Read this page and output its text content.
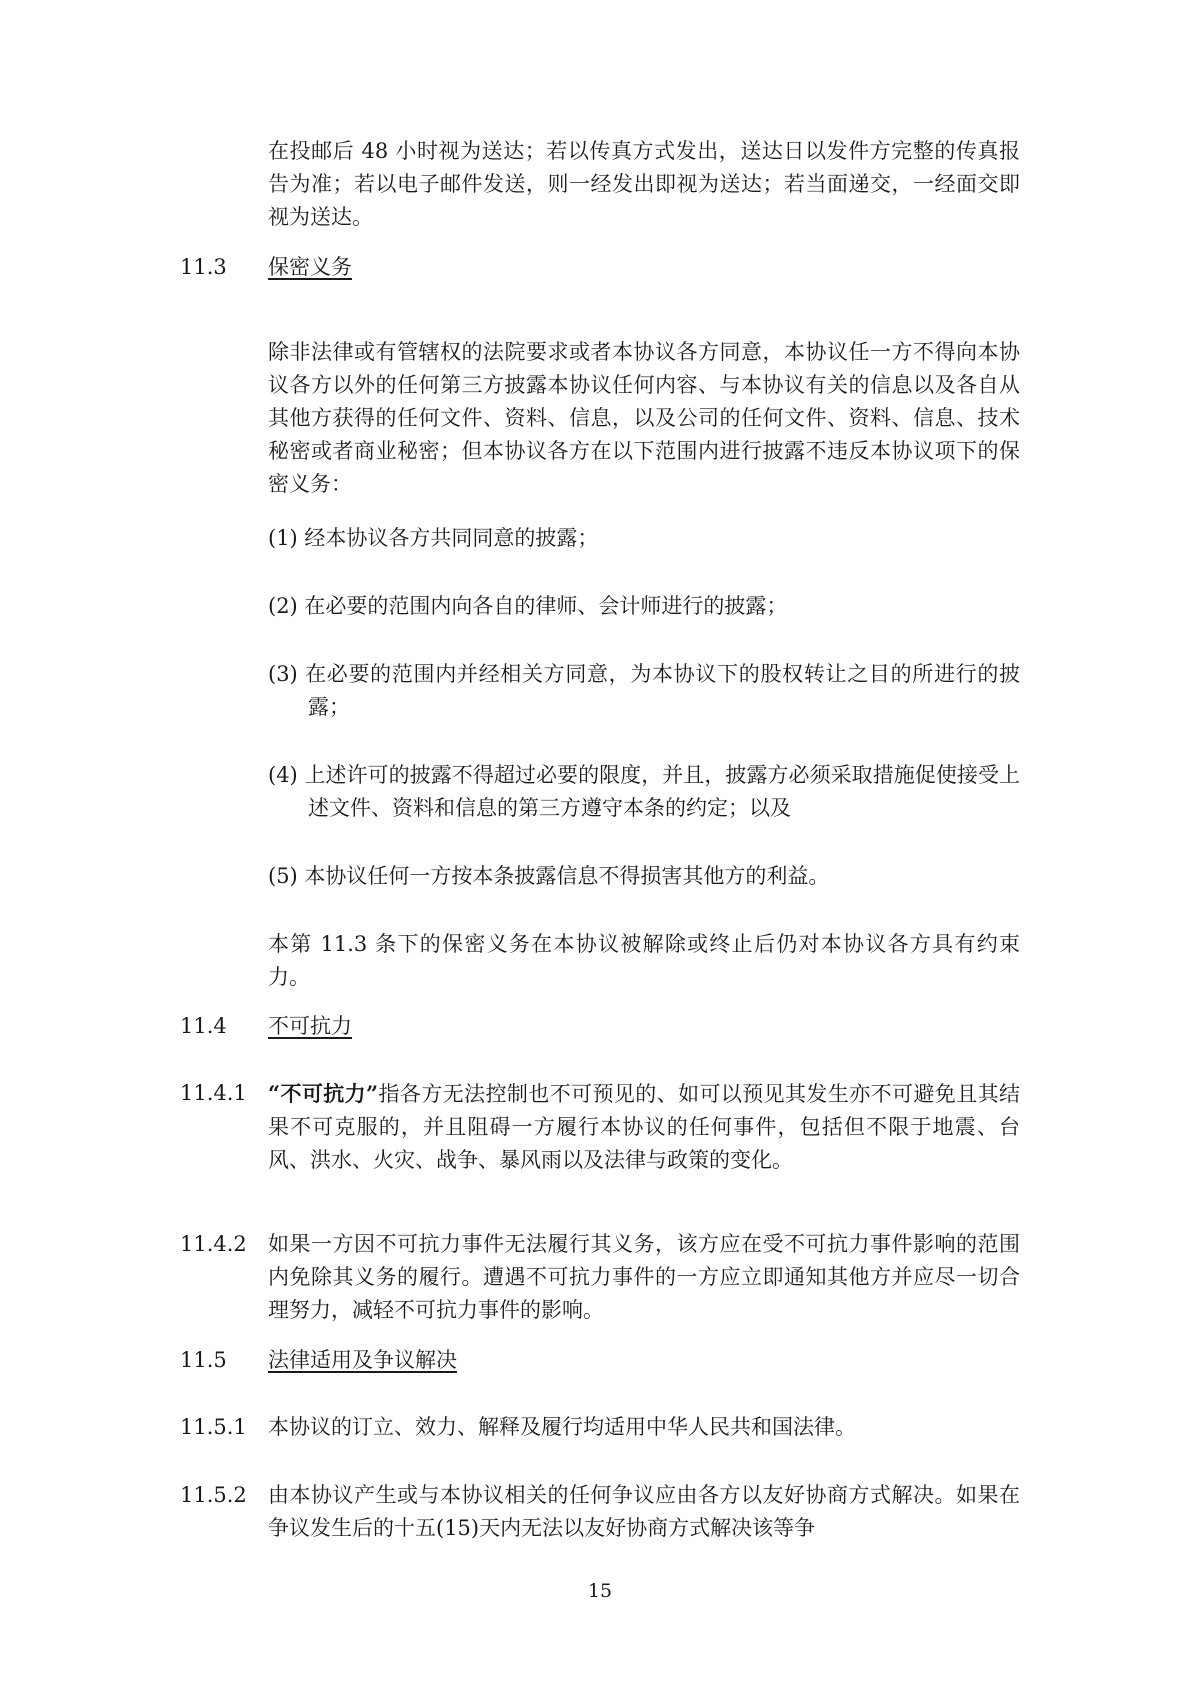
在投邮后 48 小时视为送达；若以传真方式发出，送达日以发件方完整的传真报告为准；若以电子邮件发送，则一经发出即视为送达；若当面递交，一经面交即视为送达。

11.3 保密义务

除非法律或有管辖权的法院要求或者本协议各方同意，本协议任一方不得向本协议各方以外的任何第三方披露本协议任何内容、与本协议有关的信息以及各自从其他方获得的任何文件、资料、信息，以及公司的任何文件、资料、信息、技术秘密或者商业秘密；但本协议各方在以下范围内进行披露不违反本协议项下的保密义务：

(1) 经本协议各方共同同意的披露；

(2) 在必要的范围内向各自的律师、会计师进行的披露；

(3) 在必要的范围内并经相关方同意，为本协议下的股权转让之目的所进行的披露；

(4) 上述许可的披露不得超过必要的限度，并且，披露方必须采取措施促使接受上述文件、资料和信息的第三方遵守本条的约定；以及

(5) 本协议任何一方按本条披露信息不得损害其他方的利益。

本第 11.3 条下的保密义务在本协议被解除或终止后仍对本协议各方具有约束力。

11.4 不可抗力

11.4.1 “不可抗力”指各方无法控制也不可预见的、如可以预见其发生亦不可避免且其结果不可克服的，并且阻碍一方履行本协议的任何事件，包括但不限于地震、台风、洪水、火灾、战争、暴风雨以及法律与政策的变化。

11.4.2 如果一方因不可抗力事件无法履行其义务，该方应在受不可抗力事件影响的范围内免除其义务的履行。遭遇不可抗力事件的一方应立即通知其他方并应尽一切合理努力，减轻不可抗力事件的影响。

11.5 法律适用及争议解决

11.5.1 本协议的订立、效力、解释及履行均适用中华人民共和国法律。

11.5.2 由本协议产生或与本协议相关的任何争议应由各方以友好协商方式解决。如果在争议发生后的十五(15)天内无法以友好协商方式解决该等争

15
